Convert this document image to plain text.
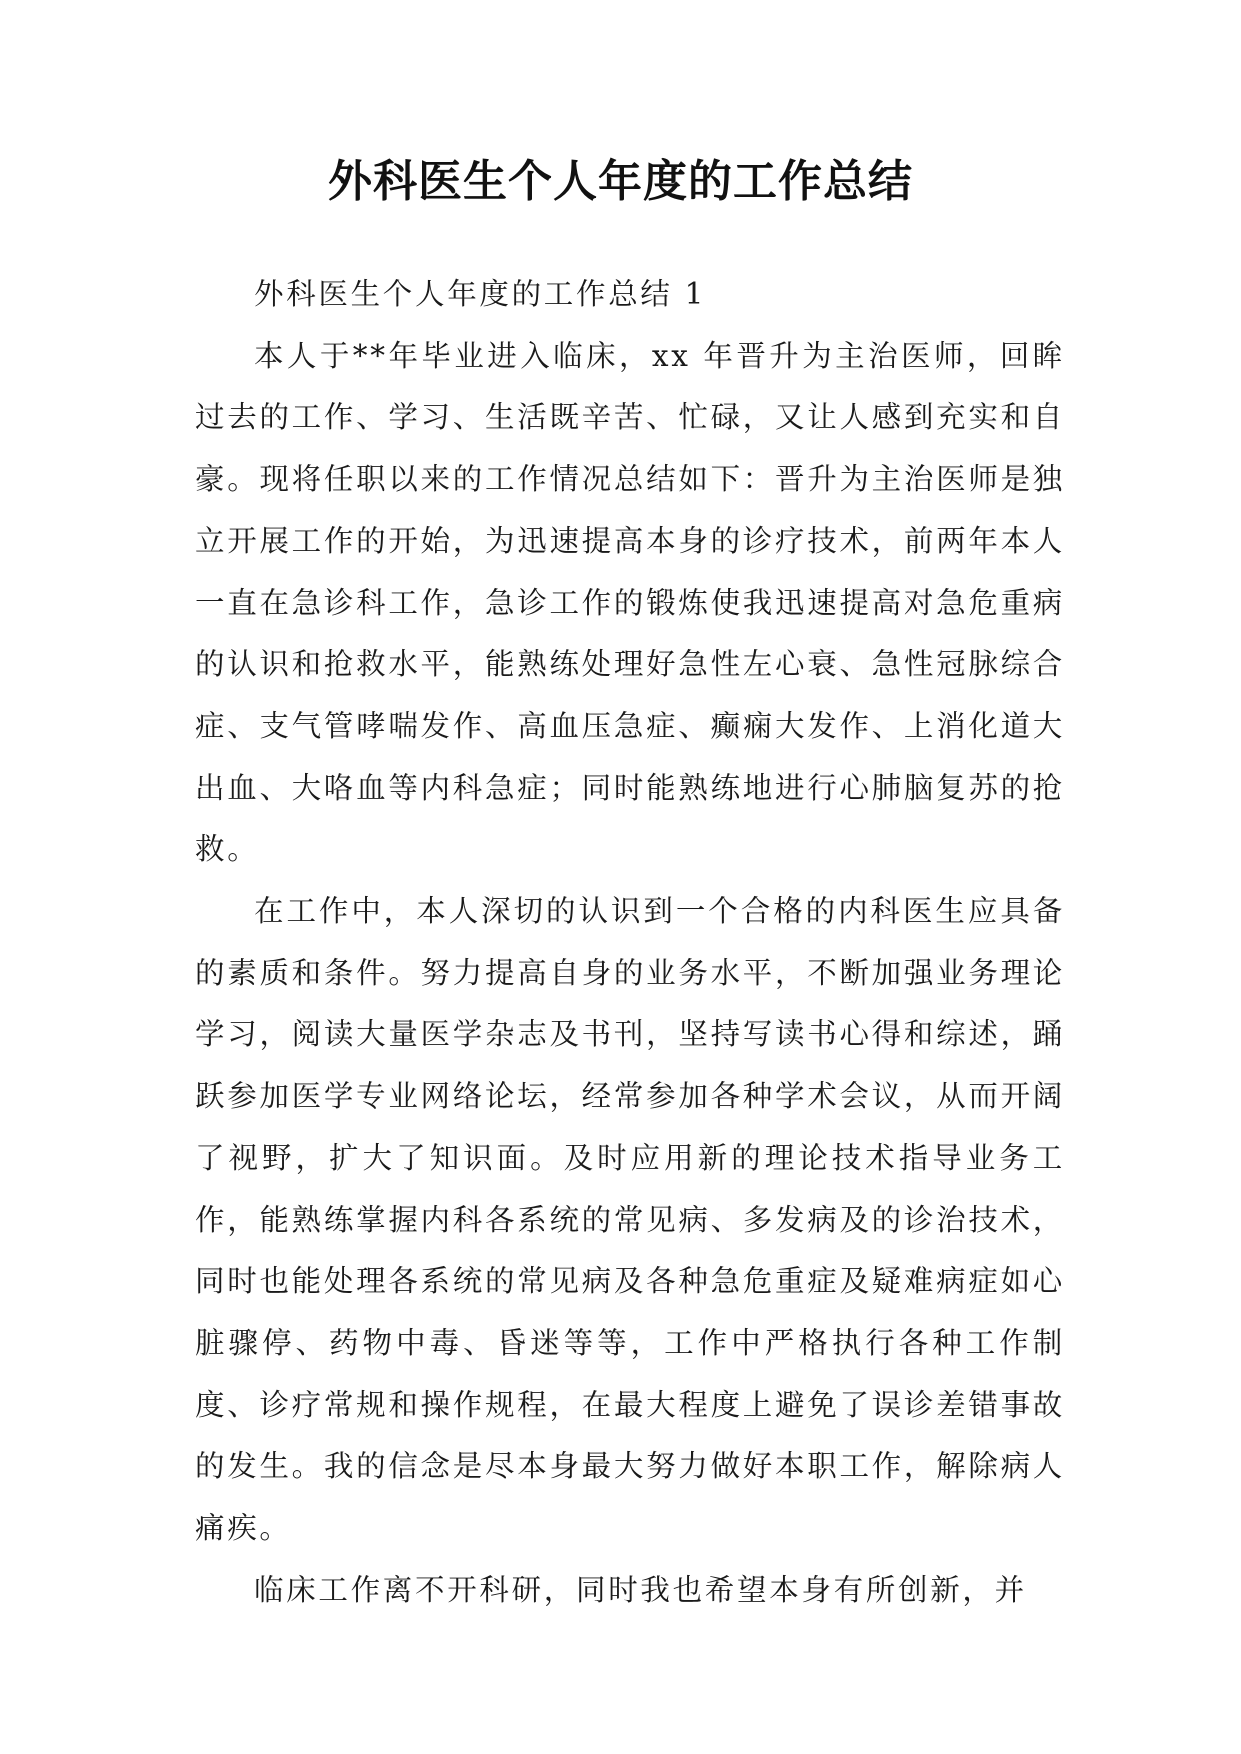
外科医生个人年度的工作总结

外科医生个人年度的工作总结 1

本人于**年毕业进入临床，xx 年晋升为主治医师，回眸过去的工作、学习、生活既辛苦、忙碌，又让人感到充实和自豪。现将任职以来的工作情况总结如下：晋升为主治医师是独立开展工作的开始，为迅速提高本身的诊疗技术，前两年本人一直在急诊科工作，急诊工作的锻炼使我迅速提高对急危重病的认识和抢救水平，能熟练处理好急性左心衰、急性冠脉综合症、支气管哮喘发作、高血压急症、癫痫大发作、上消化道大出血、大咯血等内科急症；同时能熟练地进行心肺脑复苏的抢救。

在工作中，本人深切的认识到一个合格的内科医生应具备的素质和条件。努力提高自身的业务水平，不断加强业务理论学习，阅读大量医学杂志及书刊，坚持写读书心得和综述，踊跃参加医学专业网络论坛，经常参加各种学术会议，从而开阔了视野，扩大了知识面。及时应用新的理论技术指导业务工作，能熟练掌握内科各系统的常见病、多发病及的诊治技术，同时也能处理各系统的常见病及各种急危重症及疑难病症如心脏骤停、药物中毒、昏迷等等，工作中严格执行各种工作制度、诊疗常规和操作规程，在最大程度上避免了误诊差错事故的发生。我的信念是尽本身最大努力做好本职工作，解除病人痛疾。

临床工作离不开科研，同时我也希望本身有所创新，并
